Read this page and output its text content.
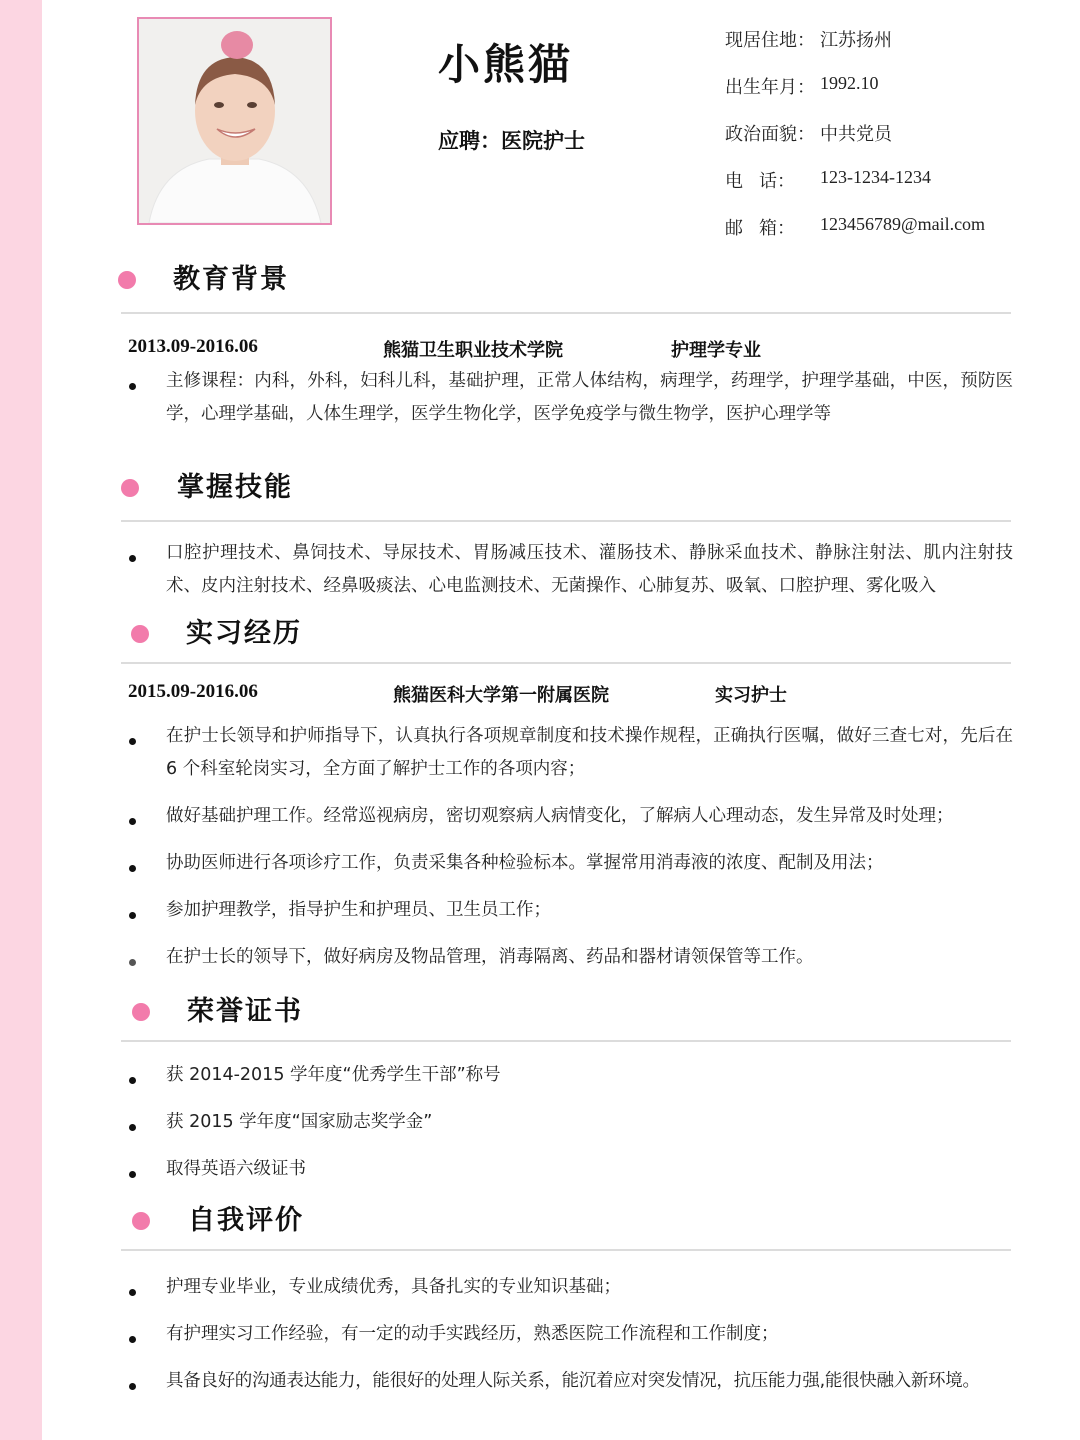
小熊猫
应聘：医院护士
现居住地： 江苏扬州
出生年月： 1992.10
政治面貌： 中共党员
电 话： 123-1234-1234
邮 箱： 123456789@mail.com
教育背景
2013.09-2016.06	熊猫卫生职业技术学院	护理学专业
主修课程：内科，外科，妇科儿科，基础护理，正常人体结构，病理学，药理学，护理学基础，中医，预防医学，心理学基础，人体生理学，医学生物化学，医学免疫学与微生物学，医护心理学等
掌握技能
口腔护理技术、鼻饲技术、导尿技术、胃肠减压技术、灌肠技术、静脉采血技术、静脉注射法、肌内注射技术、皮内注射技术、经鼻吸痰法、心电监测技术、无菌操作、心肺复苏、吸氧、口腔护理、雾化吸入
实习经历
2015.09-2016.06	熊猫医科大学第一附属医院	实习护士
在护士长领导和护师指导下，认真执行各项规章制度和技术操作规程，正确执行医嘱，做好三查七对，先后在 6 个科室轮岗实习，全方面了解护士工作的各项内容；
做好基础护理工作。经常巡视病房，密切观察病人病情变化，了解病人心理动态，发生异常及时处理；
协助医师进行各项诊疗工作，负责采集各种检验标本。掌握常用消毒液的浓度、配制及用法；
参加护理教学，指导护生和护理员、卫生员工作；
在护士长的领导下，做好病房及物品管理，消毒隔离、药品和器材请领保管等工作。
荣誉证书
获 2014-2015 学年度“优秀学生干部”称号
获 2015 学年度“国家励志奖学金”
取得英语六级证书
自我评价
护理专业毕业，专业成绩优秀，具备扎实的专业知识基础；
有护理实习工作经验，有一定的动手实践经历，熟悉医院工作流程和工作制度；
具备良好的沟通表达能力，能很好的处理人际关系，能沉着应对突发情况，抗压能力强,能很快融入新环境。
